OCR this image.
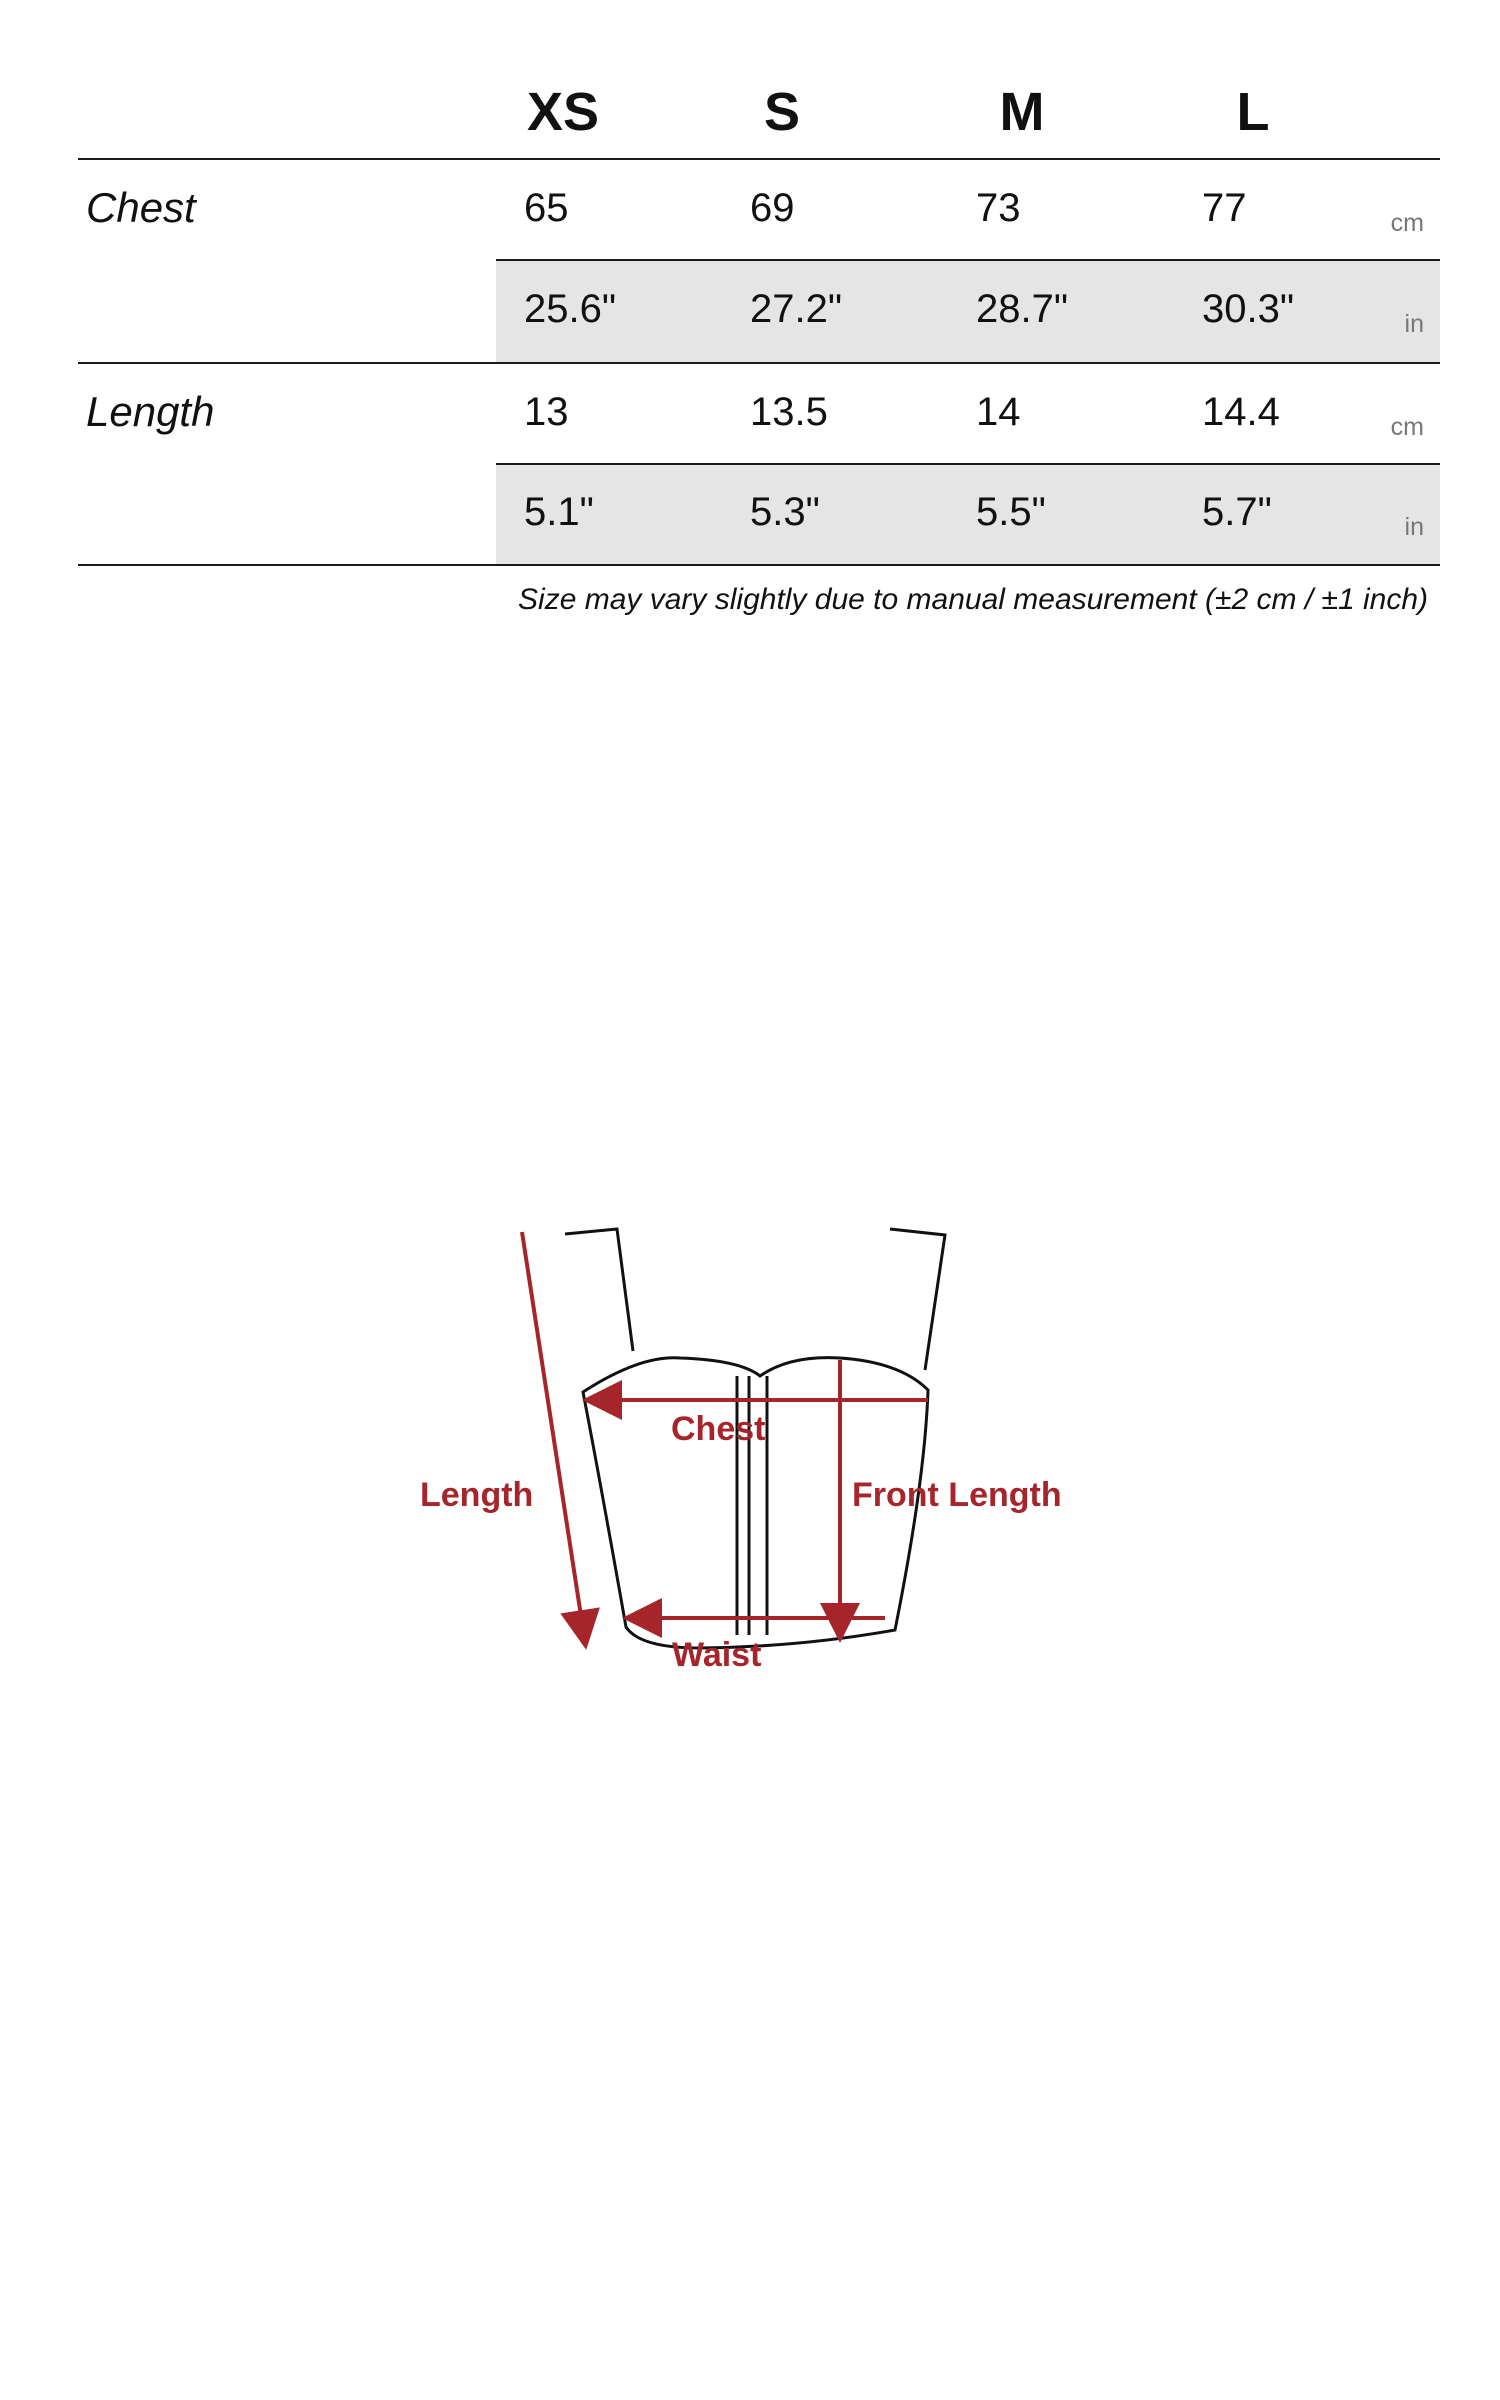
XS	S	M	L
Chest	65	69	73	77	cm
25.6"	27.2"	28.7"	30.3"	in
Length	13	13.5	14	14.4	cm
5.1"	5.3"	5.5"	5.7"	in
Size may vary slightly due to manual measurement (±2 cm / ±1 inch)
Chest
Length	Front Length
Waist
